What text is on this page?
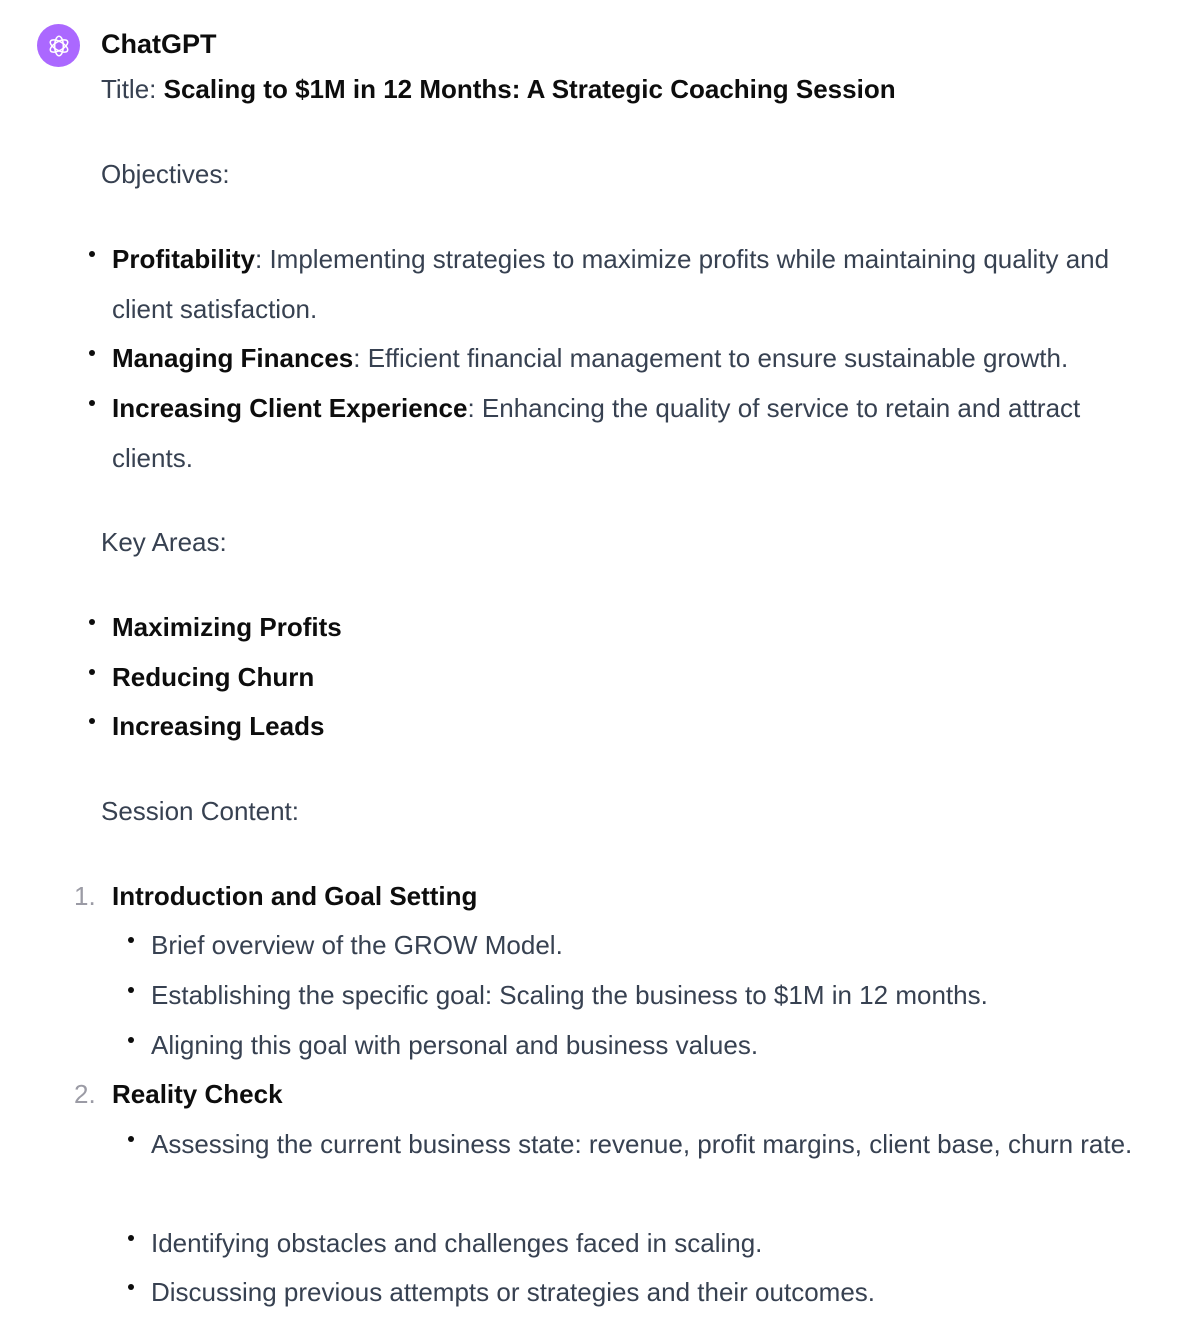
ChatGPT
Title: Scaling to $1M in 12 Months: A Strategic Coaching Session
Objectives:
Profitability: Implementing strategies to maximize profits while maintaining quality and client satisfaction.
Managing Finances: Efficient financial management to ensure sustainable growth.
Increasing Client Experience: Enhancing the quality of service to retain and attract clients.
Key Areas:
Maximizing Profits
Reducing Churn
Increasing Leads
Session Content:
1. Introduction and Goal Setting
Brief overview of the GROW Model.
Establishing the specific goal: Scaling the business to $1M in 12 months.
Aligning this goal with personal and business values.
2. Reality Check
Assessing the current business state: revenue, profit margins, client base, churn rate.
Identifying obstacles and challenges faced in scaling.
Discussing previous attempts or strategies and their outcomes.
